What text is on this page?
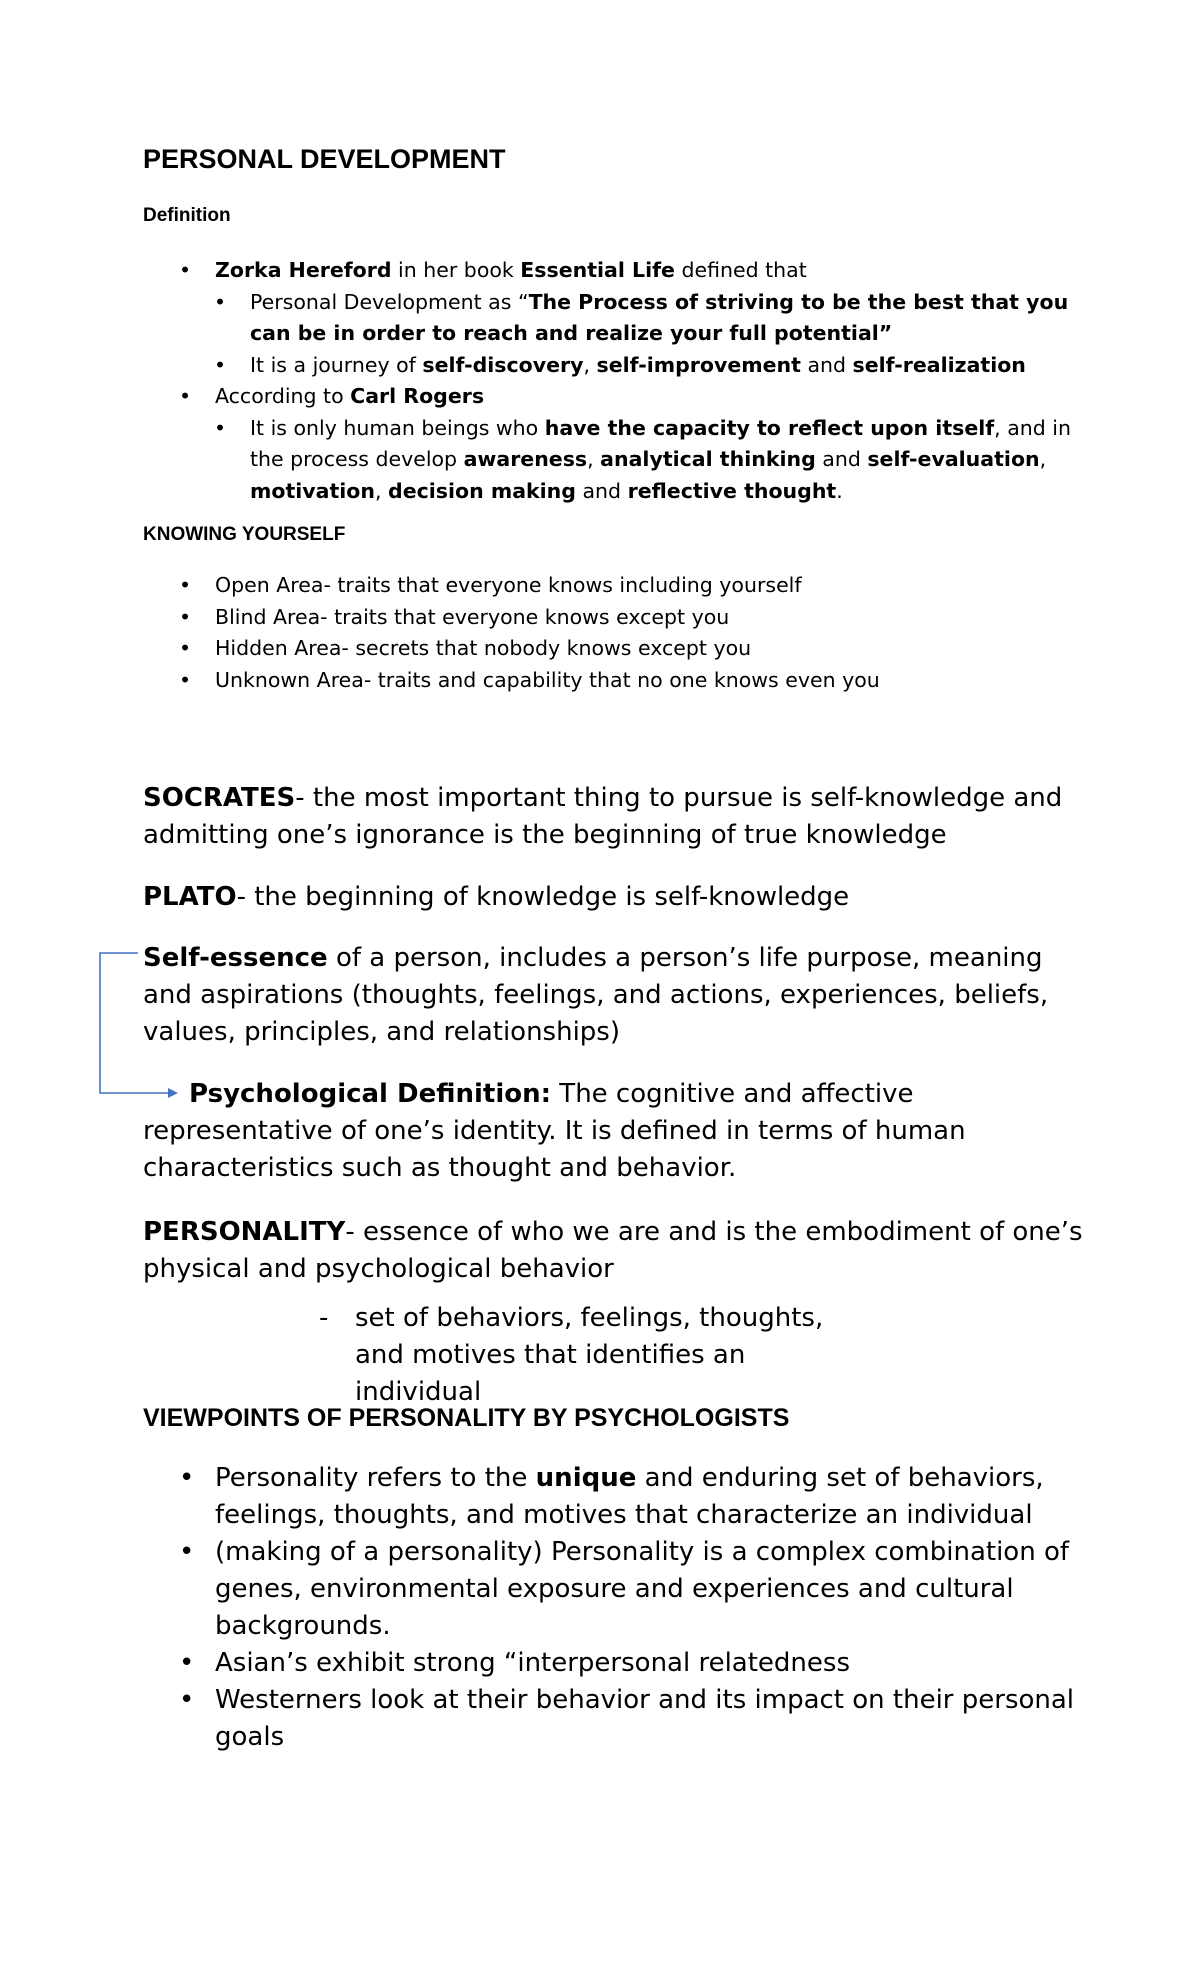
PERSONAL DEVELOPMENT
Definition
• Zorka Hereford in her book Essential Life defined that
• Personal Development as “The Process of striving to be the best that you can be in order to reach and realize your full potential”
• It is a journey of self-discovery, self-improvement and self-realization
• According to Carl Rogers
• It is only human beings who have the capacity to reflect upon itself, and in the process develop awareness, analytical thinking and self-evaluation, motivation, decision making and reflective thought.
KNOWING YOURSELF
• Open Area- traits that everyone knows including yourself
• Blind Area- traits that everyone knows except you
• Hidden Area- secrets that nobody knows except you
• Unknown Area- traits and capability that no one knows even you

SOCRATES- the most important thing to pursue is self-knowledge and admitting one’s ignorance is the beginning of true knowledge

PLATO- the beginning of knowledge is self-knowledge

Self-essence of a person, includes a person’s life purpose, meaning and aspirations (thoughts, feelings, and actions, experiences, beliefs, values, principles, and relationships)

Psychological Definition: The cognitive and affective representative of one’s identity. It is defined in terms of human characteristics such as thought and behavior.

PERSONALITY- essence of who we are and is the embodiment of one’s physical and psychological behavior

- set of behaviors, feelings, thoughts, and motives that identifies an individual
VIEWPOINTS OF PERSONALITY BY PSYCHOLOGISTS
• Personality refers to the unique and enduring set of behaviors, feelings, thoughts, and motives that characterize an individual
• (making of a personality) Personality is a complex combination of genes, environmental exposure and experiences and cultural backgrounds.
• Asian’s exhibit strong “interpersonal relatedness
• Westerners look at their behavior and its impact on their personal goals
